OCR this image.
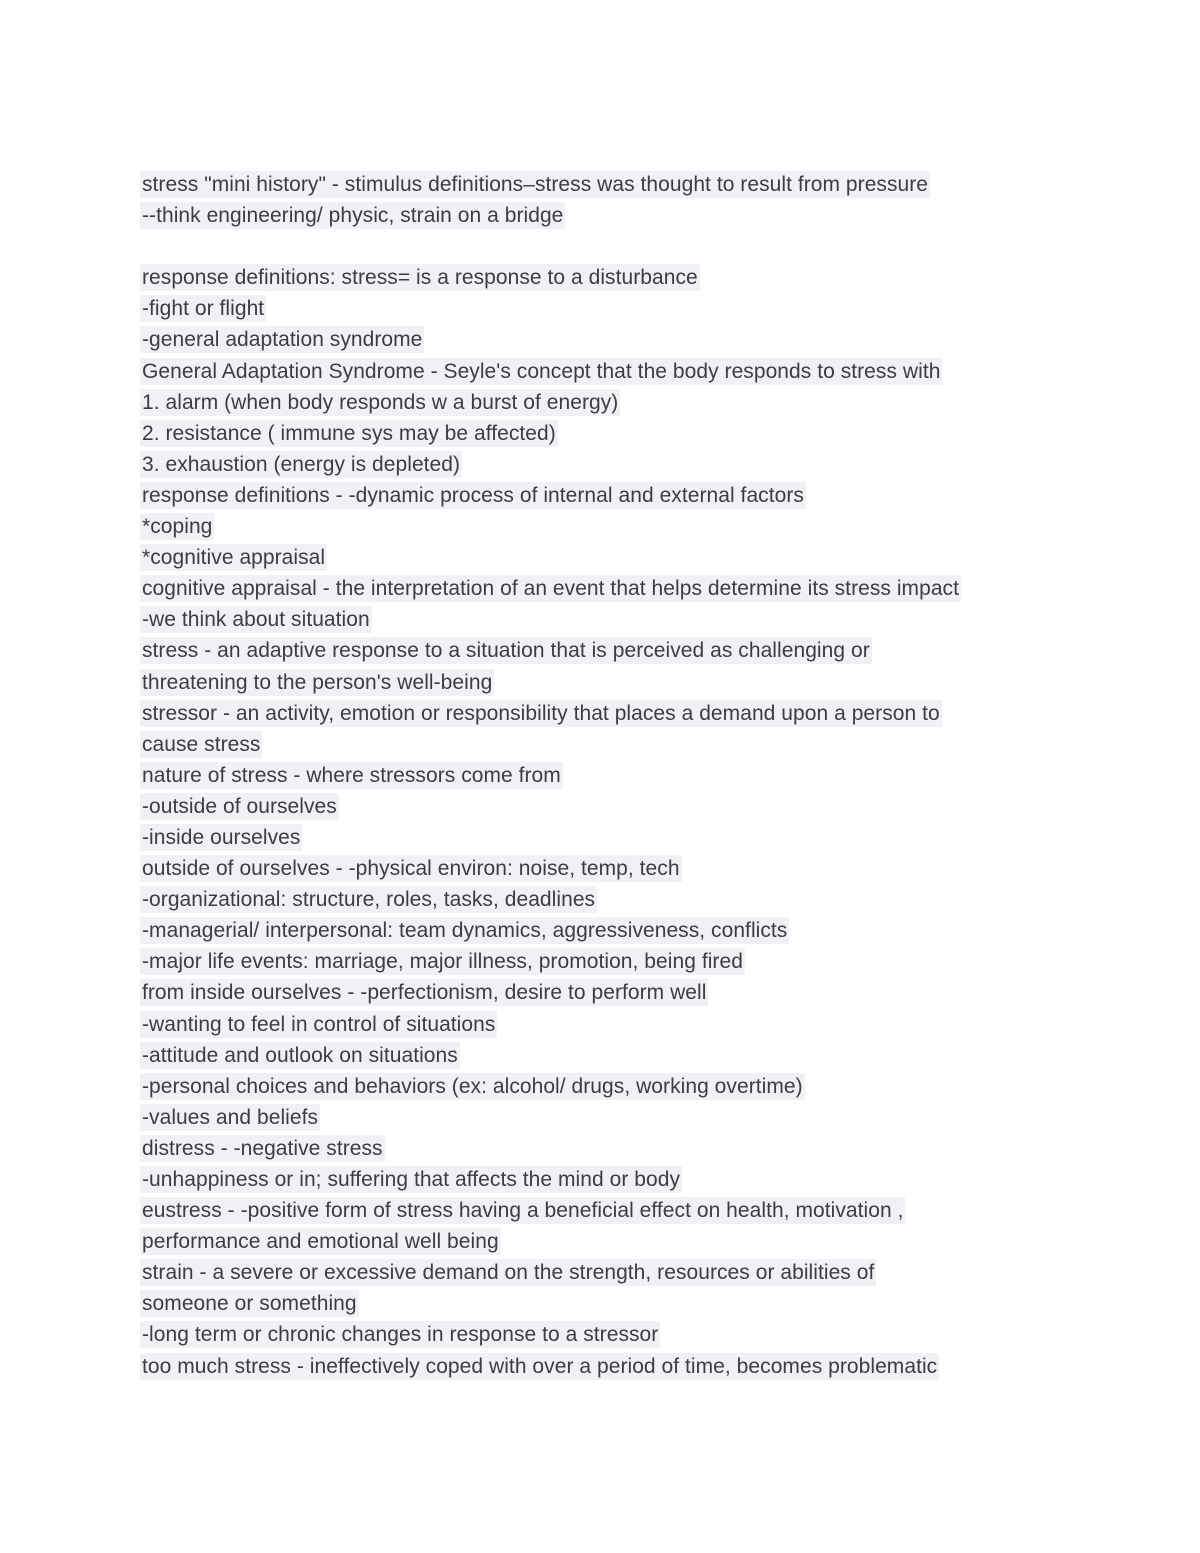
stress "mini history" - stimulus definitions–stress was thought to result from pressure
--think engineering/ physic, strain on a bridge
response definitions: stress= is a response to a disturbance
-fight or flight
-general adaptation syndrome
General Adaptation Syndrome - Seyle's concept that the body responds to stress with
1. alarm (when body responds w a burst of energy)
2. resistance ( immune sys may be affected)
3. exhaustion (energy is depleted)
response definitions - -dynamic process of internal and external factors
*coping
*cognitive appraisal
cognitive appraisal - the interpretation of an event that helps determine its stress impact
-we think about situation
stress - an adaptive response to a situation that is perceived as challenging or
threatening to the person's well-being
stressor - an activity, emotion or responsibility that places a demand upon a person to
cause stress
nature of stress - where stressors come from
-outside of ourselves
-inside ourselves
outside of ourselves - -physical environ: noise, temp, tech
-organizational: structure, roles, tasks, deadlines
-managerial/ interpersonal: team dynamics, aggressiveness, conflicts
-major life events: marriage, major illness, promotion, being fired
from inside ourselves - -perfectionism, desire to perform well
-wanting to feel in control of situations
-attitude and outlook on situations
-personal choices and behaviors (ex: alcohol/ drugs, working overtime)
-values and beliefs
distress - -negative stress
-unhappiness or in; suffering that affects the mind or body
eustress - -positive form of stress having a beneficial effect on health, motivation ,
performance and emotional well being
strain - a severe or excessive demand on the strength, resources or abilities of
someone or something
-long term or chronic changes in response to a stressor
too much stress - ineffectively coped with over a period of time, becomes problematic
